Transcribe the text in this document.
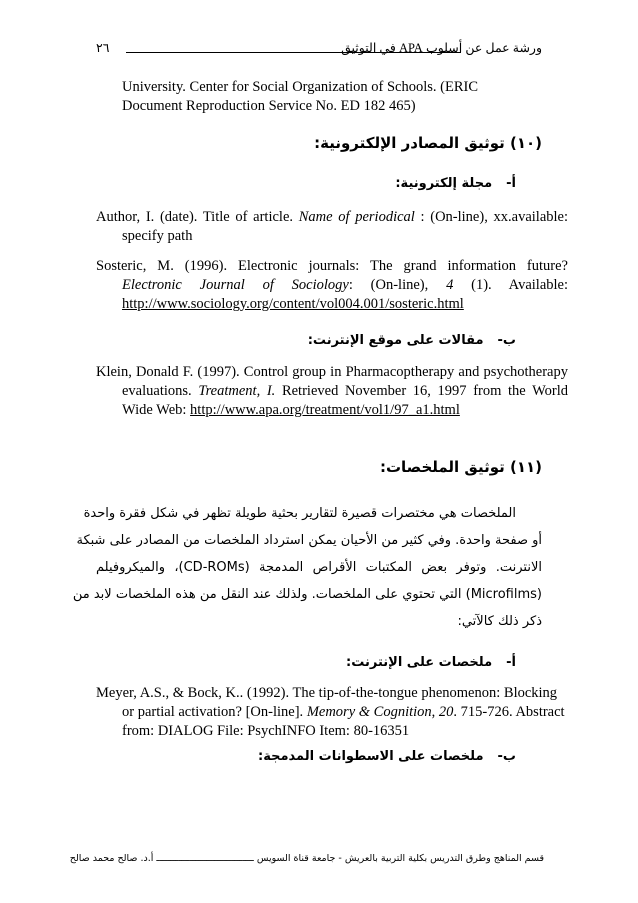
٢٦	ورشة عمل عن أسلوب APA في التوثيق
University. Center for Social Organization of Schools. (ERIC
Document Reproduction Service No. ED 182 465)
(١٠) توثيق المصادر الإلكترونية:
أ-مجلة إلكترونية:
Author, I. (date). Title of article. Name of periodical : (On-line), xx.available: specify path
Sosteric, M. (1996). Electronic journals: The grand information future? Electronic Journal of Sociology: (On-line), 4 (1). Available: http://www.sociology.org/content/vol004.001/sosteric.html
ب-مقالات على موقع الإنترنت:
Klein, Donald F. (1997). Control group in Pharmacoptherapy and psychotherapy evaluations. Treatment, I. Retrieved November 16, 1997 from the World Wide Web: http://www.apa.org/treatment/vol1/97_a1.html
(١١) توثيق الملخصات:
الملخصات هي مختصرات قصيرة لتقارير بحثية طويلة تظهر في شكل فقرة واحدة
أو صفحة واحدة. وفي كثير من الأحيان يمكن استرداد الملخصات من المصادر على شبكة
الانترنت. وتوفر بعض المكتبات الأقراص المدمجة (CD-ROMs)، والميكروفيلم
(Microfilms) التي تحتوي على الملخصات. ولذلك عند النقل من هذه الملخصات لابد من
ذكر ذلك كالآتي:
أ-ملخصات على الإنترنت:
Meyer, A.S., & Bock, K.. (1992). The tip-of-the-tongue phenomenon: Blocking or partial activation? [On-line]. Memory & Cognition, 20. 715-726. Abstract from: DIALOG File: PsychINFO Item: 80-16351
ب-ملخصات على الاسطوانات المدمجة:
قسم المناهج وطرق التدريس بكلية التربية بالعريش - جامعة قناة السويس ـــــــــــــــــــــــــــــــــــ أ.د. صالح محمد صالح
